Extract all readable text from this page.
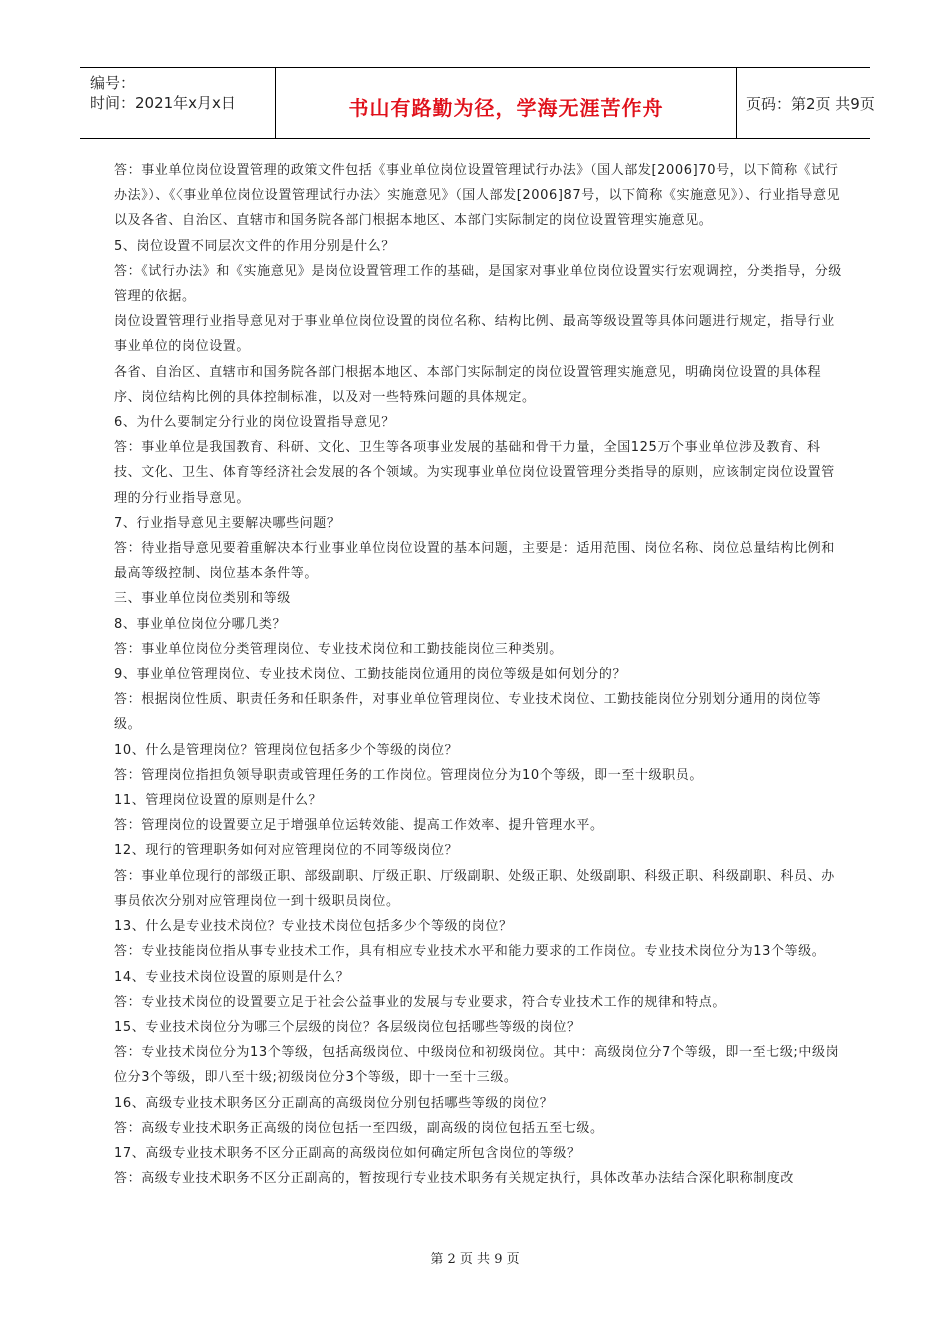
编号：
时间：2021年x月x日	书山有路勤为径，学海无涯苦作舟	页码：第2页 共9页

答：事业单位岗位设置管理的政策文件包括《事业单位岗位设置管理试行办法》（国人部发[2006]70号，以下简称《试行办法》）、《〈事业单位岗位设置管理试行办法〉实施意见》（国人部发[2006]87号，以下简称《实施意见》）、行业指导意见以及各省、自治区、直辖市和国务院各部门根据本地区、本部门实际制定的岗位设置管理实施意见。

5、岗位设置不同层次文件的作用分别是什么？

答：《试行办法》和《实施意见》是岗位设置管理工作的基础，是国家对事业单位岗位设置实行宏观调控，分类指导，分级管理的依据。

岗位设置管理行业指导意见对于事业单位岗位设置的岗位名称、结构比例、最高等级设置等具体问题进行规定，指导行业事业单位的岗位设置。

各省、自治区、直辖市和国务院各部门根据本地区、本部门实际制定的岗位设置管理实施意见，明确岗位设置的具体程序、岗位结构比例的具体控制标准，以及对一些特殊问题的具体规定。

6、为什么要制定分行业的岗位设置指导意见？

答：事业单位是我国教育、科研、文化、卫生等各项事业发展的基础和骨干力量，全国125万个事业单位涉及教育、科技、文化、卫生、体育等经济社会发展的各个领域。为实现事业单位岗位设置管理分类指导的原则，应该制定岗位设置管理的分行业指导意见。

7、行业指导意见主要解决哪些问题？

答：待业指导意见要着重解决本行业事业单位岗位设置的基本问题，主要是：适用范围、岗位名称、岗位总量结构比例和最高等级控制、岗位基本条件等。

三、事业单位岗位类别和等级

8、事业单位岗位分哪几类？

答：事业单位岗位分类管理岗位、专业技术岗位和工勤技能岗位三种类别。

9、事业单位管理岗位、专业技术岗位、工勤技能岗位通用的岗位等级是如何划分的？

答：根据岗位性质、职责任务和任职条件，对事业单位管理岗位、专业技术岗位、工勤技能岗位分别划分通用的岗位等级。

10、什么是管理岗位？管理岗位包括多少个等级的岗位？

答：管理岗位指担负领导职责或管理任务的工作岗位。管理岗位分为10个等级，即一至十级职员。

11、管理岗位设置的原则是什么？

答：管理岗位的设置要立足于增强单位运转效能、提高工作效率、提升管理水平。

12、现行的管理职务如何对应管理岗位的不同等级岗位？

答：事业单位现行的部级正职、部级副职、厅级正职、厅级副职、处级正职、处级副职、科级正职、科级副职、科员、办事员依次分别对应管理岗位一到十级职员岗位。

13、什么是专业技术岗位？专业技术岗位包括多少个等级的岗位？

答：专业技能岗位指从事专业技术工作，具有相应专业技术水平和能力要求的工作岗位。专业技术岗位分为13个等级。

14、专业技术岗位设置的原则是什么？

答：专业技术岗位的设置要立足于社会公益事业的发展与专业要求，符合专业技术工作的规律和特点。

15、专业技术岗位分为哪三个层级的岗位？各层级岗位包括哪些等级的岗位？

答：专业技术岗位分为13个等级，包括高级岗位、中级岗位和初级岗位。其中：高级岗位分7个等级，即一至七级;中级岗位分3个等级，即八至十级;初级岗位分3个等级，即十一至十三级。

16、高级专业技术职务区分正副高的高级岗位分别包括哪些等级的岗位？

答：高级专业技术职务正高级的岗位包括一至四级，副高级的岗位包括五至七级。

17、高级专业技术职务不区分正副高的高级岗位如何确定所包含岗位的等级？

答：高级专业技术职务不区分正副高的，暂按现行专业技术职务有关规定执行，具体改革办法结合深化职称制度改

第 2 页 共 9 页
